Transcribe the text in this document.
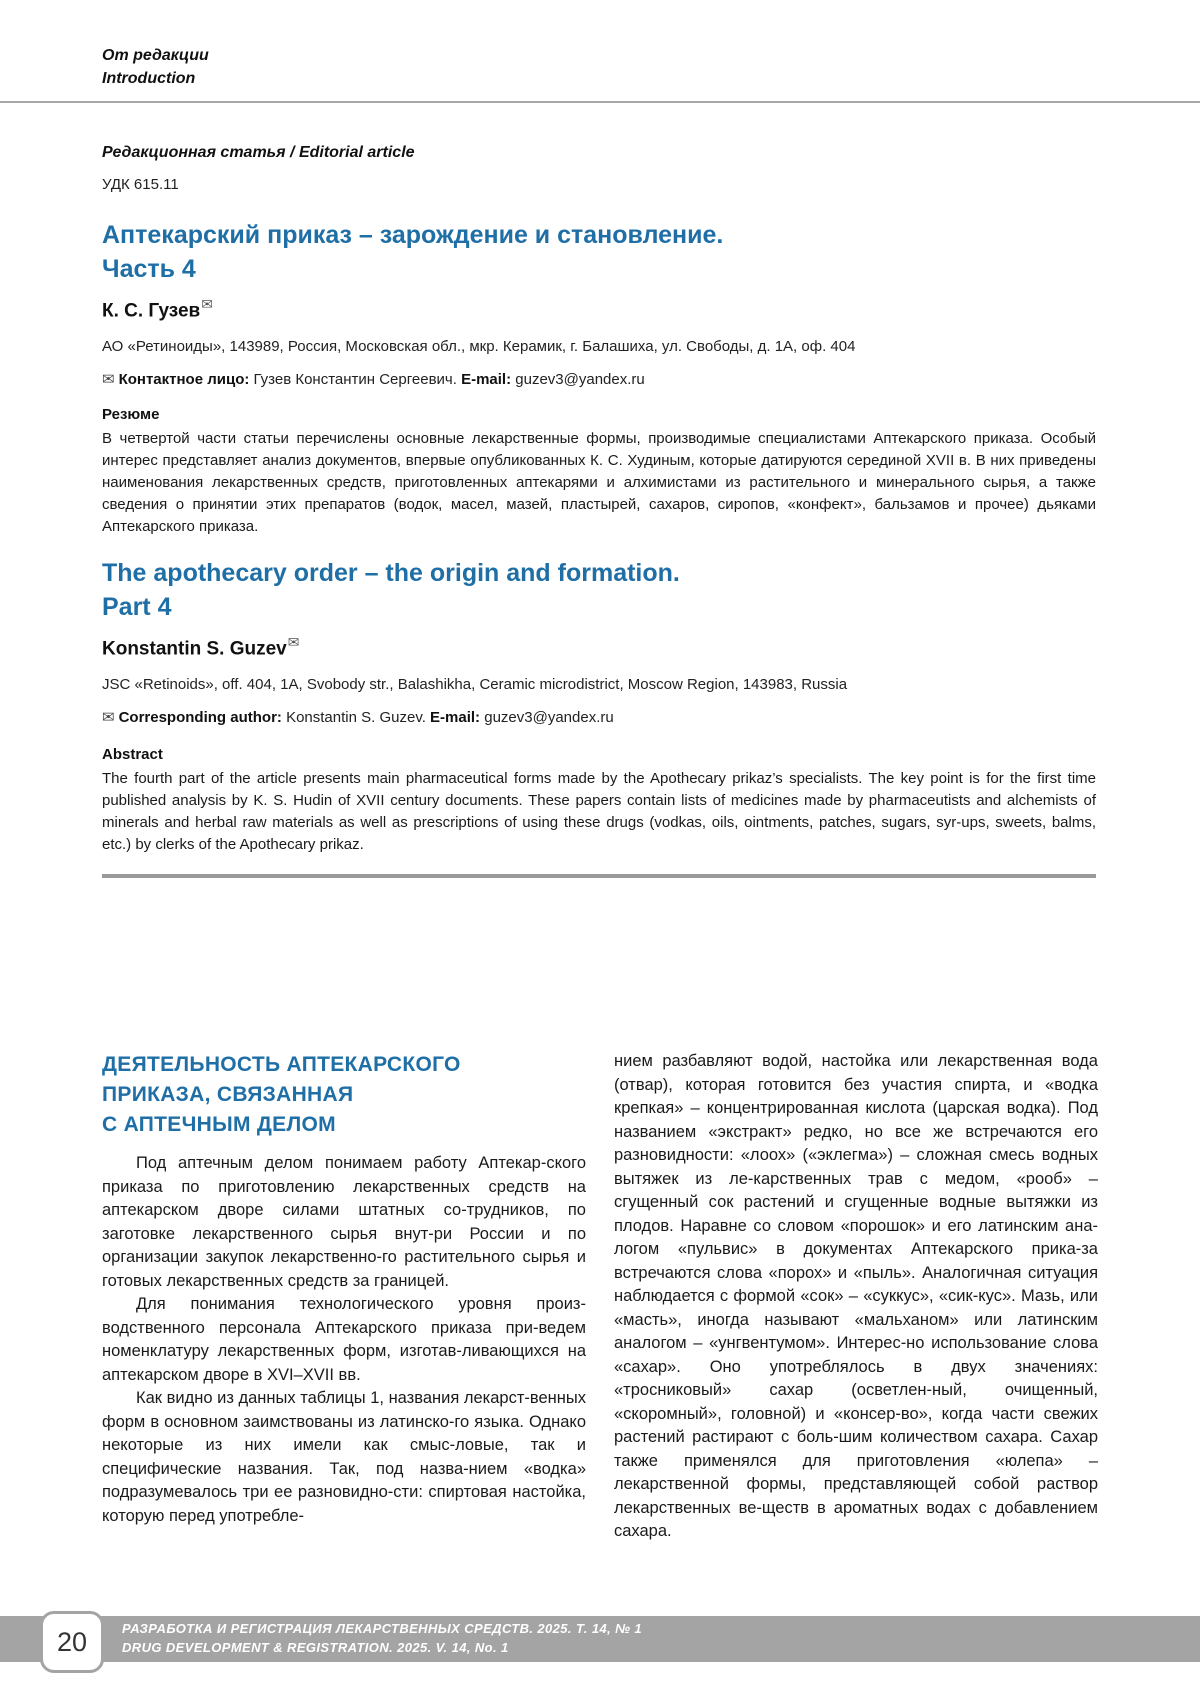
От редакции
Introduction
Редакционная статья / Editorial article
УДК 615.11
Аптекарский приказ – зарождение и становление.
Часть 4
К. С. Гузев✉
АО «Ретиноиды», 143989, Россия, Московская обл., мкр. Керамик, г. Балашиха, ул. Свободы, д. 1А, оф. 404
✉ Контактное лицо: Гузев Константин Сергеевич. E-mail: guzev3@yandex.ru
Резюме

В четвертой части статьи перечислены основные лекарственные формы, производимые специалистами Аптекарского приказа. Особый интерес представляет анализ документов, впервые опубликованных К. С. Худиным, которые датируются серединой XVII в. В них приведены наименования лекарственных средств, приготовленных аптекарями и алхимистами из растительного и минерального сырья, а также сведения о принятии этих препаратов (водок, масел, мазей, пластырей, сахаров, сиропов, «конфект», бальзамов и прочее) дьяками Аптекарского приказа.

The apothecary order – the origin and formation.
Part 4
Konstantin S. Guzev✉
JSC «Retinoids», off. 404, 1A, Svobody str., Balashikha, Ceramic microdistrict, Moscow Region, 143983, Russia
✉ Corresponding author: Konstantin S. Guzev. E-mail: guzev3@yandex.ru
Abstract

The fourth part of the article presents main pharmaceutical forms made by the Apothecary prikaz’s specialists. The key point is for the first time published analysis by K. S. Hudin of XVII century documents. These papers contain lists of medicines made by pharmaceutists and alchemists of minerals and herbal raw materials as well as prescriptions of using these drugs (vodkas, oils, ointments, patches, sugars, syr-ups, sweets, balms, etc.) by clerks of the Apothecary prikaz.

ДЕЯТЕЛЬНОСТЬ АПТЕКАРСКОГО
ПРИКАЗА, СВЯЗАННАЯ
С АПТЕЧНЫМ ДЕЛОМ

Под аптечным делом понимаем работу Аптекар-ского приказа по приготовлению лекарственных средств на аптекарском дворе силами штатных со-трудников, по заготовке лекарственного сырья внут-ри России и по организации закупок лекарственно-го растительного сырья и готовых лекарственных средств за границей.

Для понимания технологического уровня произ-водственного персонала Аптекарского приказа при-ведем номенклатуру лекарственных форм, изготав-ливающихся на аптекарском дворе в XVI–XVII вв.

Как видно из данных таблицы 1, названия лекарст-венных форм в основном заимствованы из латинско-го языка. Однако некоторые из них имели как смыс-ловые, так и специфические названия. Так, под назва-нием «водка» подразумевалось три ее разновидно-сти: спиртовая настойка, которую перед употребле-

нием разбавляют водой, настойка или лекарственная вода (отвар), которая готовится без участия спирта, и «водка крепкая» – концентрированная кислота (царская водка). Под названием «экстракт» редко, но все же встречаются его разновидности: «лоох» («эклегма») – сложная смесь водных вытяжек из ле-карственных трав с медом, «рооб» – сгущенный сок растений и сгущенные водные вытяжки из плодов. Наравне со словом «порошок» и его латинским ана-логом «пульвис» в документах Аптекарского прика-за встречаются слова «порох» и «пыль». Аналогичная ситуация наблюдается с формой «сок» – «суккус», «сик-кус». Мазь, или «масть», иногда называют «мальханом» или латинским аналогом – «унгвентумом». Интерес-но использование слова «сахар». Оно употреблялось в двух значениях: «тросниковый» сахар (осветлен-ный, очищенный, «скоромный», головной) и «консер-во», когда части свежих растений растирают с боль-шим количеством сахара. Сахар также применялся для приготовления «юлепа» – лекарственной формы, представляющей собой раствор лекарственных ве-ществ в ароматных водах с добавлением сахара.

РАЗРАБОТКА И РЕГИСТРАЦИЯ ЛЕКАРСТВЕННЫХ СРЕДСТВ. 2025. Т. 14, № 1
DRUG DEVELOPMENT & REGISTRATION. 2025. V. 14, No. 1
20
